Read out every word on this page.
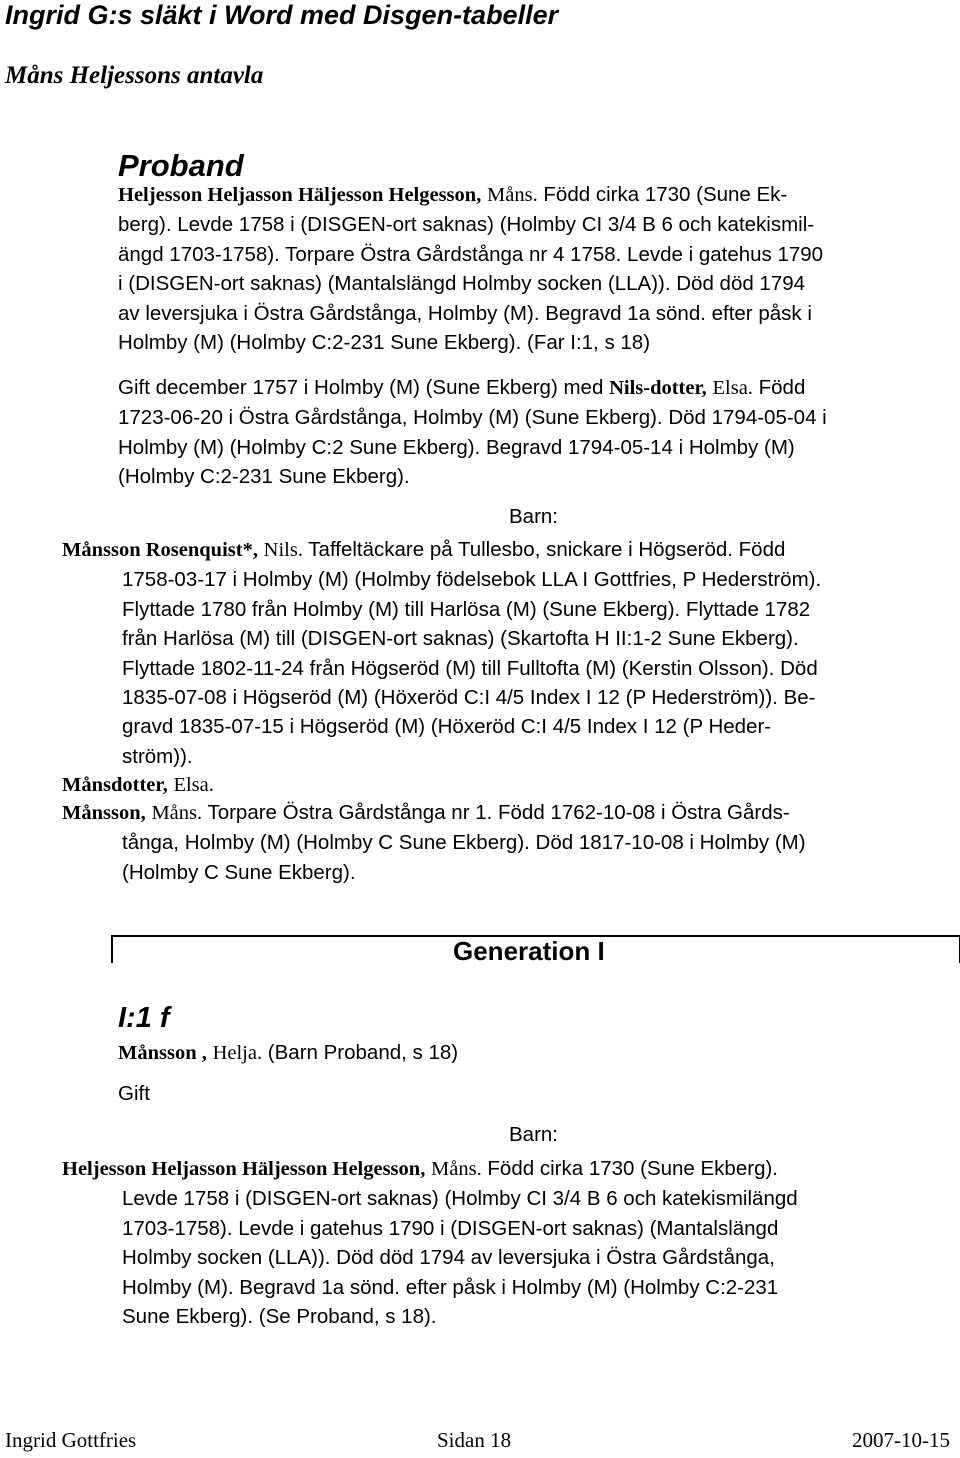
Ingrid G:s släkt i Word med Disgen-tabeller
Måns Heljessons antavla
Proband
Heljesson Heljasson Häljesson Helgesson, Måns. Född cirka 1730 (Sune Ek-
berg). Levde 1758 i (DISGEN-ort saknas) (Holmby CI 3/4 B 6 och katekismil-
ängd 1703-1758). Torpare Östra Gårdstånga nr 4 1758. Levde i gatehus 1790
i (DISGEN-ort saknas) (Mantalslängd Holmby socken (LLA)). Död död 1794
av leversjuka i Östra Gårdstånga, Holmby (M). Begravd 1a sönd. efter påsk i
Holmby (M) (Holmby C:2-231 Sune Ekberg). (Far I:1, s 18)
Gift december 1757 i Holmby (M) (Sune Ekberg) med Nils-dotter, Elsa. Född
1723-06-20 i Östra Gårdstånga, Holmby (M) (Sune Ekberg). Död 1794-05-04 i
Holmby (M) (Holmby C:2 Sune Ekberg). Begravd 1794-05-14 i Holmby (M)
(Holmby C:2-231 Sune Ekberg).
Barn:
Månsson Rosenquist*, Nils. Taffeltäckare på Tullesbo, snickare i Högseröd. Född
1758-03-17 i Holmby (M) (Holmby födelsebok LLA I Gottfries, P Hederström).
Flyttade 1780 från Holmby (M) till Harlösa (M) (Sune Ekberg). Flyttade 1782
från Harlösa (M) till (DISGEN-ort saknas) (Skartofta H II:1-2 Sune Ekberg).
Flyttade 1802-11-24 från Högseröd (M) till Fulltofta (M) (Kerstin Olsson). Död
1835-07-08 i Högseröd (M) (Höxeröd C:I 4/5 Index I 12 (P Hederström)). Be-
gravd 1835-07-15 i Högseröd (M) (Höxeröd C:I 4/5 Index I 12 (P Heder-
ström)).
Månsdotter, Elsa.
Månsson, Måns. Torpare Östra Gårdstånga nr 1. Född 1762-10-08 i Östra Gårds-
tånga, Holmby (M) (Holmby C Sune Ekberg). Död 1817-10-08 i Holmby (M)
(Holmby C Sune Ekberg).
Generation I
I:1 f
Månsson , Helja. (Barn Proband, s 18)
Gift
Barn:
Heljesson Heljasson Häljesson Helgesson, Måns. Född cirka 1730 (Sune Ekberg).
Levde 1758 i (DISGEN-ort saknas) (Holmby CI 3/4 B 6 och katekismilängd
1703-1758). Levde i gatehus 1790 i (DISGEN-ort saknas) (Mantalslängd
Holmby socken (LLA)). Död död 1794 av leversjuka i Östra Gårdstånga,
Holmby (M). Begravd 1a sönd. efter påsk i Holmby (M) (Holmby C:2-231
Sune Ekberg). (Se Proband, s 18).
Ingrid Gottfries	Sidan 18	2007-10-15
